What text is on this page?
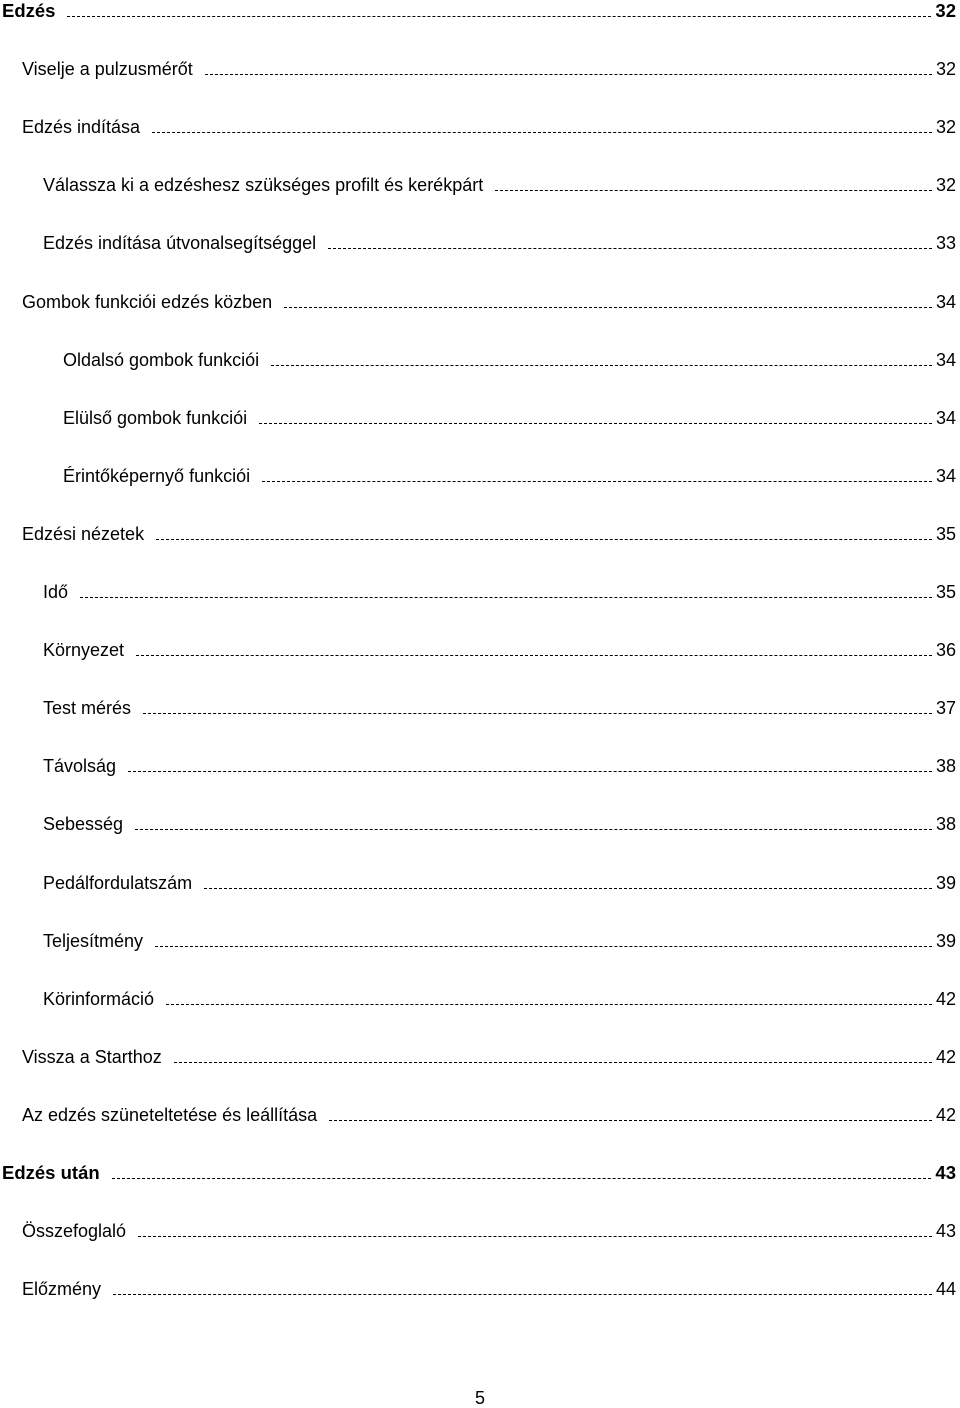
Edzés	32
Viselje a pulzusmérőt	32
Edzés indítása	32
Válassza ki a edzéshesz szükséges profilt és kerékpárt	32
Edzés indítása útvonalsegítséggel	33
Gombok funkciói edzés közben	34
Oldalsó gombok funkciói	34
Elülső gombok funkciói	34
Érintőképernyő funkciói	34
Edzési nézetek	35
Idő	35
Környezet	36
Test mérés	37
Távolság	38
Sebesség	38
Pedálfordulatszám	39
Teljesítmény	39
Körinformáció	42
Vissza a Starthoz	42
Az edzés szüneteltetése és leállítása	42
Edzés után	43
Összefoglaló	43
Előzmény	44
5
